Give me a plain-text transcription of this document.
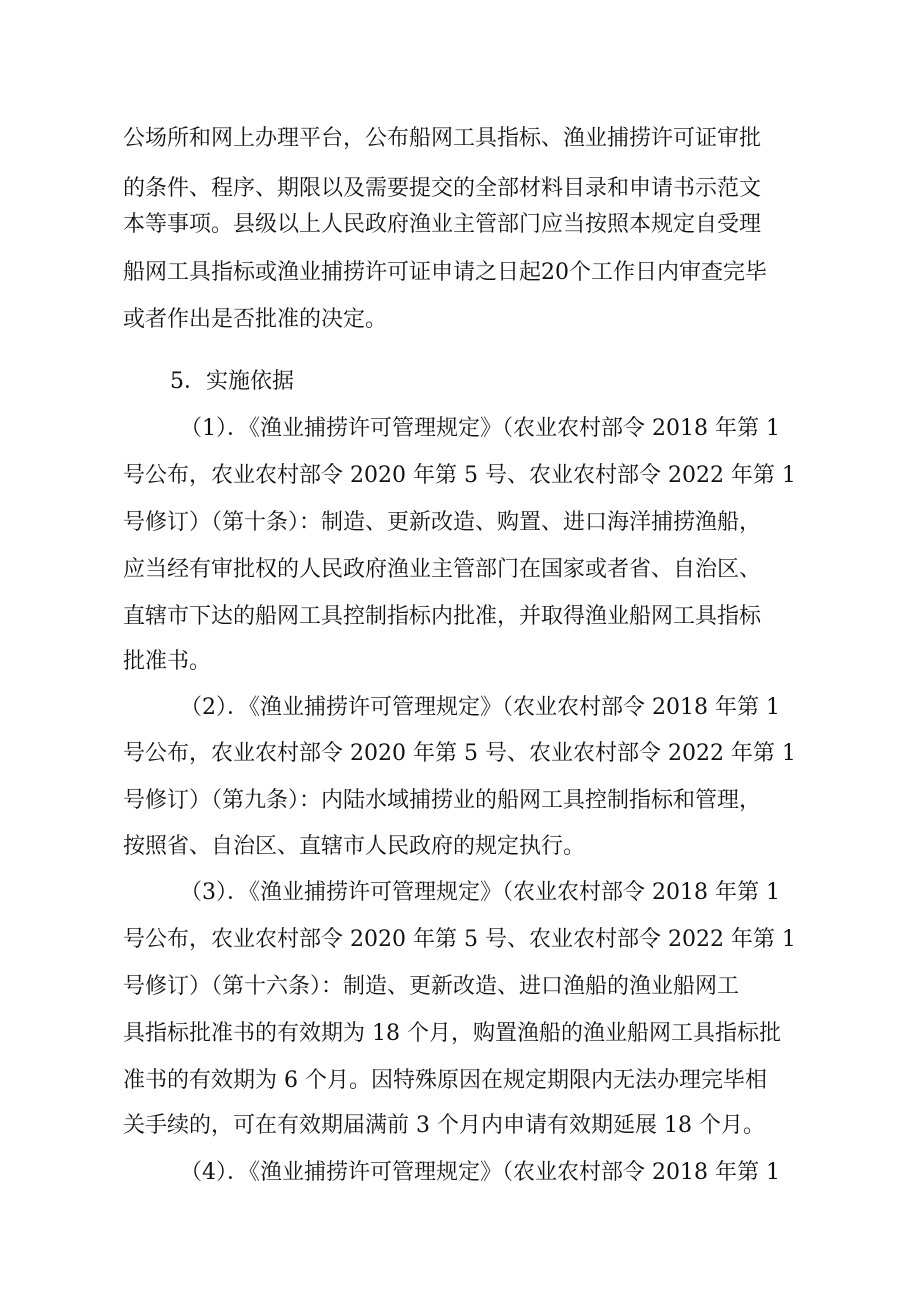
公场所和网上办理平台，公布船网工具指标、渔业捕捞许可证审批
的条件、程序、期限以及需要提交的全部材料目录和申请书示范文
本等事项。县级以上人民政府渔业主管部门应当按照本规定自受理
船网工具指标或渔业捕捞许可证申请之日起20个工作日内审查完毕
或者作出是否批准的决定。
5．实施依据
（1）．《渔业捕捞许可管理规定》（农业农村部令 2018 年第 1
号公布，农业农村部令 2020 年第 5 号、农业农村部令 2022 年第 1
号修订）（第十条）：制造、更新改造、购置、进口海洋捕捞渔船，
应当经有审批权的人民政府渔业主管部门在国家或者省、自治区、
直辖市下达的船网工具控制指标内批准，并取得渔业船网工具指标
批准书。
（2）．《渔业捕捞许可管理规定》（农业农村部令 2018 年第 1
号公布，农业农村部令 2020 年第 5 号、农业农村部令 2022 年第 1
号修订）（第九条）：内陆水域捕捞业的船网工具控制指标和管理，
按照省、自治区、直辖市人民政府的规定执行。
（3）．《渔业捕捞许可管理规定》（农业农村部令 2018 年第 1
号公布，农业农村部令 2020 年第 5 号、农业农村部令 2022 年第 1
号修订）（第十六条）：制造、更新改造、进口渔船的渔业船网工
具指标批准书的有效期为 18 个月，购置渔船的渔业船网工具指标批
准书的有效期为 6 个月。因特殊原因在规定期限内无法办理完毕相
关手续的，可在有效期届满前 3 个月内申请有效期延展 18 个月。
（4）．《渔业捕捞许可管理规定》（农业农村部令 2018 年第 1
